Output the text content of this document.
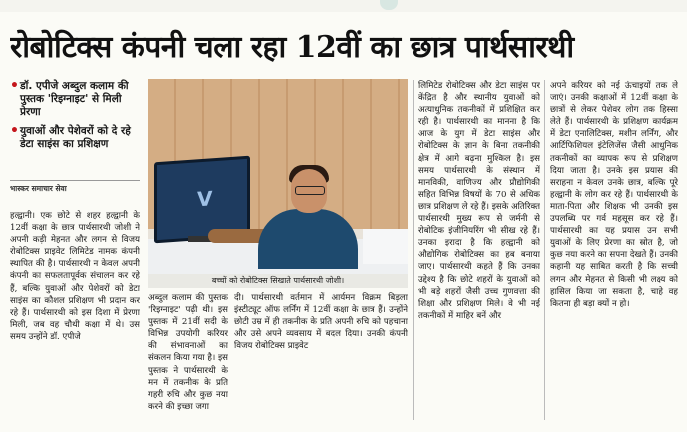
रोबोटिक्स कंपनी चला रहा 12वीं का छात्र पार्थसारथी
• डॉ. एपीजे अब्दुल कलाम की पुस्तक 'रिइग्नाइट' से मिली प्रेरणा
• युवाओं और पेशेवरों को दे रहे डेटा साइंस का प्रशिक्षण
भास्कर समाचार सेवा	V
बच्चों को रोबोटिक्स सिखाते पार्थसारथी जोशी।

हल्द्वानी। एक छोटे से शहर हल्द्वानी के 12वीं कक्षा के छात्र पार्थसारथी जोशी ने अपनी कड़ी मेहनत और लगन से विजय रोबोटिक्स प्राइवेट लिमिटेड नामक कंपनी स्थापित की है। पार्थसारथी न केवल अपनी कंपनी का सफलतापूर्वक संचालन कर रहे हैं, बल्कि युवाओं और पेशेवरों को डेटा साइंस का कौशल प्रशिक्षण भी प्रदान कर रहे हैं। पार्थसारथी को इस दिशा में प्रेरणा मिली, जब वह चौथी कक्षा में थे। उस समय उन्होंने डॉ. एपीजे

अब्दुल कलाम की पुस्तक 'रिइग्नाइट' पढ़ी थी। इस पुस्तक में 21वीं सदी के विभिन्न उपयोगी करियर की संभावनाओं का संकलन किया गया है। इस पुस्तक ने पार्थसारथी के मन में तकनीक के प्रति गहरी रुचि और कुछ नया करने की इच्छा जगा

दी। पार्थसारथी वर्तमान में आर्यमन विक्रम बिड़ला इंस्टीट्यूट ऑफ लर्निंग में 12वीं कक्षा के छात्र हैं। उन्होंने छोटी उम्र में ही तकनीक के प्रति अपनी रुचि को पहचाना और उसे अपने व्यवसाय में बदल दिया। उनकी कंपनी विजय रोबोटिक्स प्राइवेट

लिमिटेड रोबोटिक्स और डेटा साइंस पर केंद्रित है और स्थानीय युवाओं को अत्याधुनिक तकनीकों में प्रशिक्षित कर रही है। पार्थसारथी का मानना है कि आज के युग में डेटा साइंस और रोबोटिक्स के ज्ञान के बिना तकनीकी क्षेत्र में आगे बढ़ना मुश्किल है। इस समय पार्थसारथी के संस्थान में मानविकी, वाणिज्य और प्रौद्योगिकी सहित विभिन्न विषयों के 70 से अधिक छात्र प्रशिक्षण ले रहे हैं। इसके अतिरिक्त पार्थसारथी मुख्य रूप से जर्मनी से रोबोटिक इंजीनियरिंग भी सीख रहे हैं। उनका इरादा है कि हल्द्वानी को औद्योगिक रोबोटिक्स का हब बनाया जाए। पार्थसारथी कहते हैं कि उनका उद्देश्य है कि छोटे शहरों के युवाओं को भी बड़े शहरों जैसी उच्च गुणवत्ता की शिक्षा और प्रशिक्षण मिले। वे भी नई तकनीकों में माहिर बनें और

अपने करियर को नई ऊंचाइयों तक ले जाएं। उनकी कक्षाओं में 12वीं कक्षा के छात्रों से लेकर पेशेवर लोग तक हिस्सा लेते हैं। पार्थसारथी के प्रशिक्षण कार्यक्रम में डेटा एनालिटिक्स, मशीन लर्निंग, और आर्टिफिशियल इंटेलिजेंस जैसी आधुनिक तकनीकों का व्यापक रूप से प्रशिक्षण दिया जाता है। उनके इस प्रयास की सराहना न केवल उनके छात्र, बल्कि पूरे हल्द्वानी के लोग कर रहे हैं। पार्थसारथी के माता-पिता और शिक्षक भी उनकी इस उपलब्धि पर गर्व महसूस कर रहे हैं। पार्थसारथी का यह प्रयास उन सभी युवाओं के लिए प्रेरणा का स्रोत है, जो कुछ नया करने का सपना देखते हैं। उनकी कहानी यह साबित करती है कि सच्ची लगन और मेहनत से किसी भी लक्ष्य को हासिल किया जा सकता है, चाहे वह कितना ही बड़ा क्यों न हो।
